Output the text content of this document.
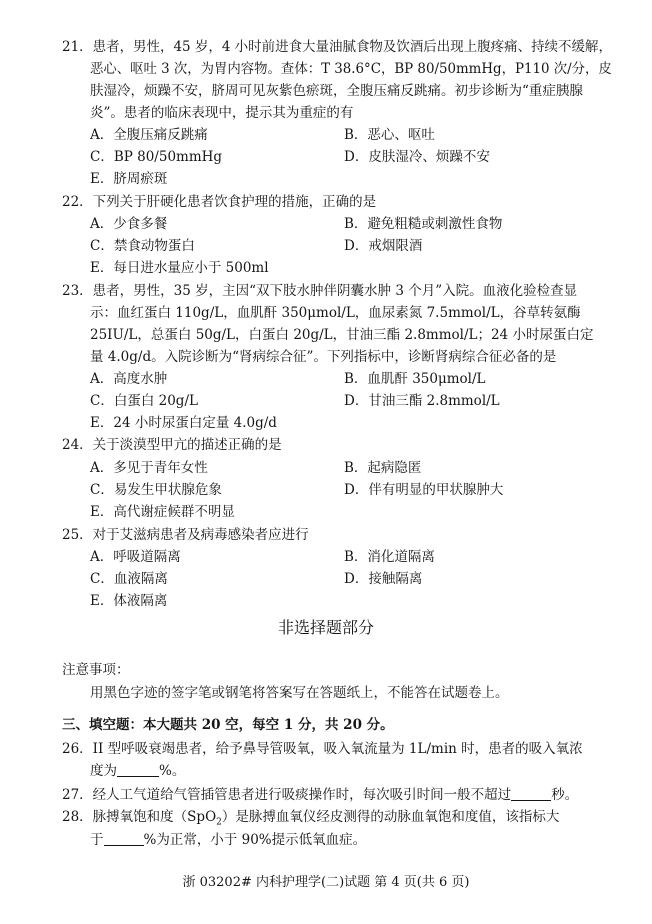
21．患者，男性，45 岁，4 小时前进食大量油腻食物及饮酒后出现上腹疼痛、持续不缓解，
恶心、呕吐 3 次，为胃内容物。查体：T 38.6°C，BP 80/50mmHg，P110 次/分，皮
肤湿冷，烦躁不安，脐周可见灰紫色瘀斑，全腹压痛反跳痛。初步诊断为“重症胰腺
炎”。患者的临床表现中，提示其为重症的有
A．全腹压痛反跳痛	B．恶心、呕吐
C．BP 80/50mmHg	D．皮肤湿冷、烦躁不安
E．脐周瘀斑
22．下列关于肝硬化患者饮食护理的措施，正确的是
A．少食多餐	B．避免粗糙或刺激性食物
C．禁食动物蛋白	D．戒烟限酒
E．每日进水量应小于 500ml
23．患者，男性，35 岁，主因“双下肢水肿伴阴囊水肿 3 个月”入院。血液化验检查显
示：血红蛋白 110g/L，血肌酐 350μmol/L，血尿素氮 7.5mmol/L，谷草转氨酶
25IU/L，总蛋白 50g/L，白蛋白 20g/L，甘油三酯 2.8mmol/L；24 小时尿蛋白定
量 4.0g/d。入院诊断为“肾病综合征”。下列指标中，诊断肾病综合征必备的是
A．高度水肿	B．血肌酐 350μmol/L
C．白蛋白 20g/L	D．甘油三酯 2.8mmol/L
E．24 小时尿蛋白定量 4.0g/d
24．关于淡漠型甲亢的描述正确的是
A．多见于青年女性	B．起病隐匿
C．易发生甲状腺危象	D．伴有明显的甲状腺肿大
E．高代谢症候群不明显
25．对于艾滋病患者及病毒感染者应进行
A．呼吸道隔离	B．消化道隔离
C．血液隔离	D．接触隔离
E．体液隔离
非选择题部分
注意事项：
用黑色字迹的签字笔或钢笔将答案写在答题纸上，不能答在试题卷上。
三、填空题：本大题共 20 空，每空 1 分，共 20 分。
26．II 型呼吸衰竭患者，给予鼻导管吸氧，吸入氧流量为 1L/min 时，患者的吸入氧浓
度为	%。
27．经人工气道给气管插管患者进行吸痰操作时，每次吸引时间一般不超过	秒。
28．脉搏氧饱和度（SpO$_2$）是脉搏血氧仪经皮测得的动脉血氧饱和度值，该指标大
于	%为正常，小于 90%提示低氧血症。
浙 03202# 内科护理学(二)试题 第 4 页(共 6 页)
